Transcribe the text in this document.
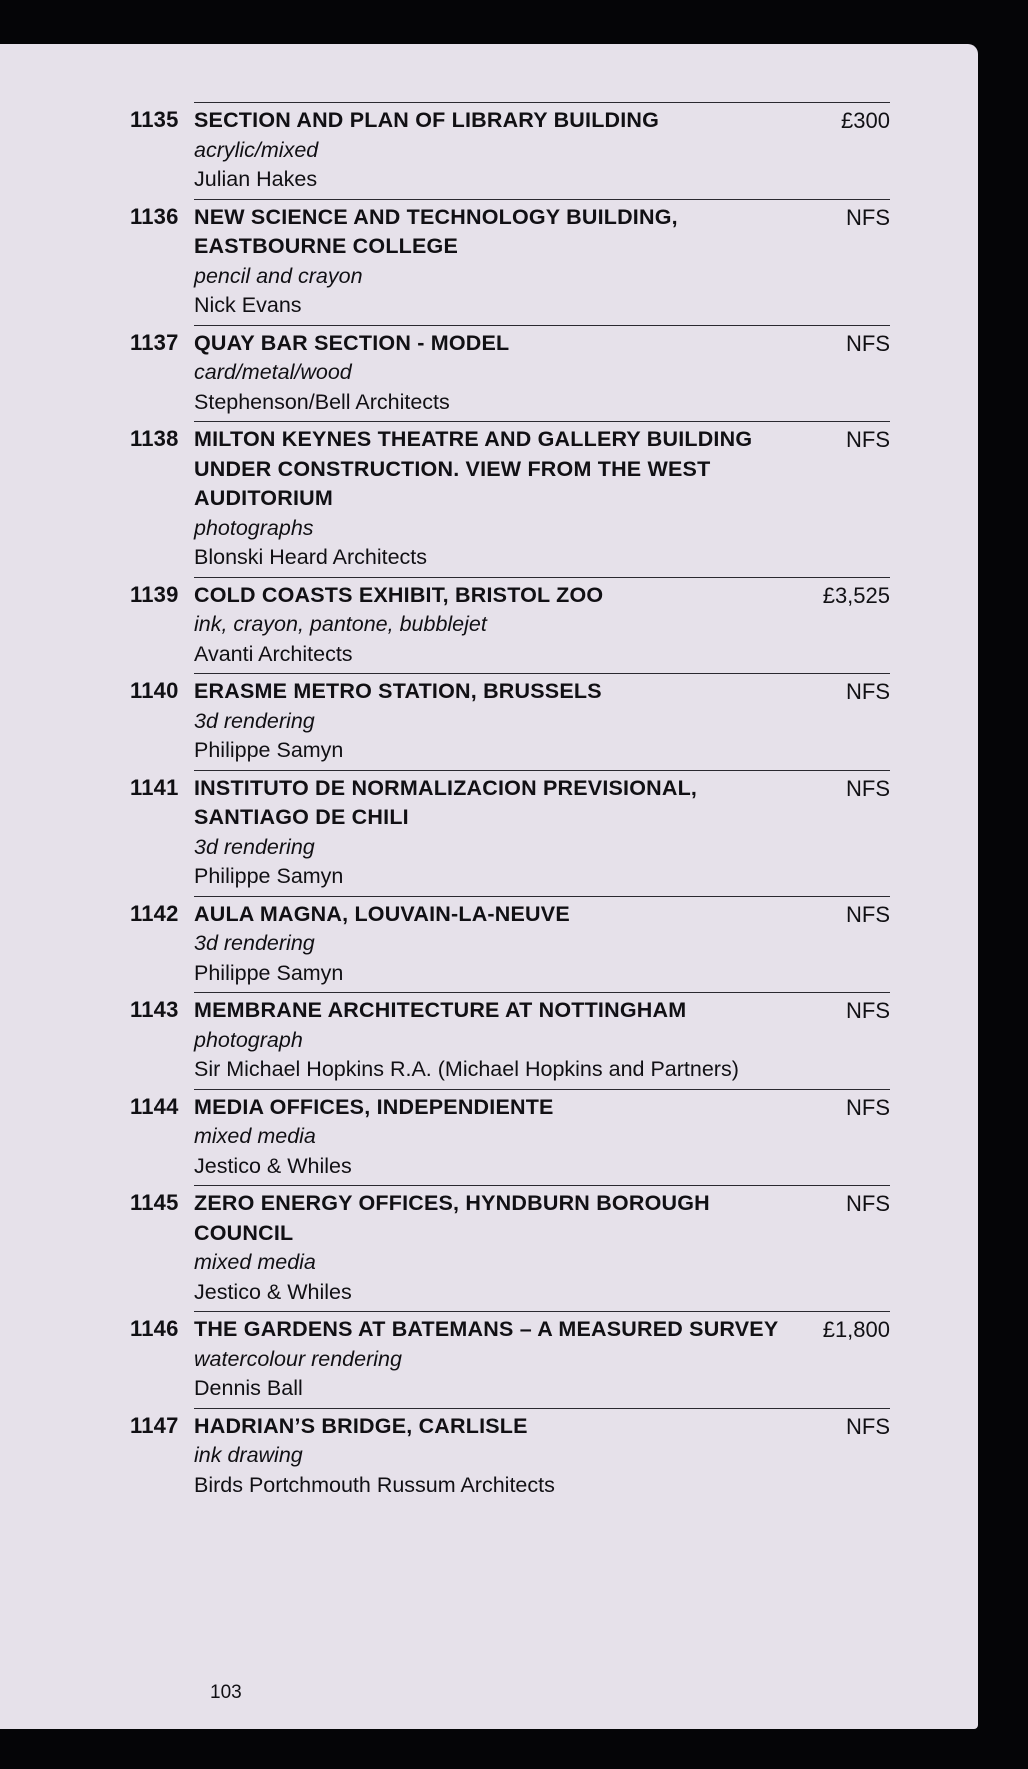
1135 SECTION AND PLAN OF LIBRARY BUILDING
acrylic/mixed
Julian Hakes
£300
1136 NEW SCIENCE AND TECHNOLOGY BUILDING, EASTBOURNE COLLEGE
pencil and crayon
Nick Evans
NFS
1137 QUAY BAR SECTION - MODEL
card/metal/wood
Stephenson/Bell Architects
NFS
1138 MILTON KEYNES THEATRE AND GALLERY BUILDING UNDER CONSTRUCTION. VIEW FROM THE WEST AUDITORIUM
photographs
Blonski Heard Architects
NFS
1139 COLD COASTS EXHIBIT, BRISTOL ZOO
ink, crayon, pantone, bubblejet
Avanti Architects
£3,525
1140 ERASME METRO STATION, BRUSSELS
3d rendering
Philippe Samyn
NFS
1141 INSTITUTO DE NORMALIZACION PREVISIONAL, SANTIAGO DE CHILI
3d rendering
Philippe Samyn
NFS
1142 AULA MAGNA, LOUVAIN-LA-NEUVE
3d rendering
Philippe Samyn
NFS
1143 MEMBRANE ARCHITECTURE AT NOTTINGHAM
photograph
Sir Michael Hopkins R.A. (Michael Hopkins and Partners)
NFS
1144 MEDIA OFFICES, INDEPENDIENTE
mixed media
Jestico & Whiles
NFS
1145 ZERO ENERGY OFFICES, HYNDBURN BOROUGH COUNCIL
mixed media
Jestico & Whiles
NFS
1146 THE GARDENS AT BATEMANS – A MEASURED SURVEY
watercolour rendering
Dennis Ball
£1,800
1147 HADRIAN’S BRIDGE, CARLISLE
ink drawing
Birds Portchmouth Russum Architects
NFS
103
